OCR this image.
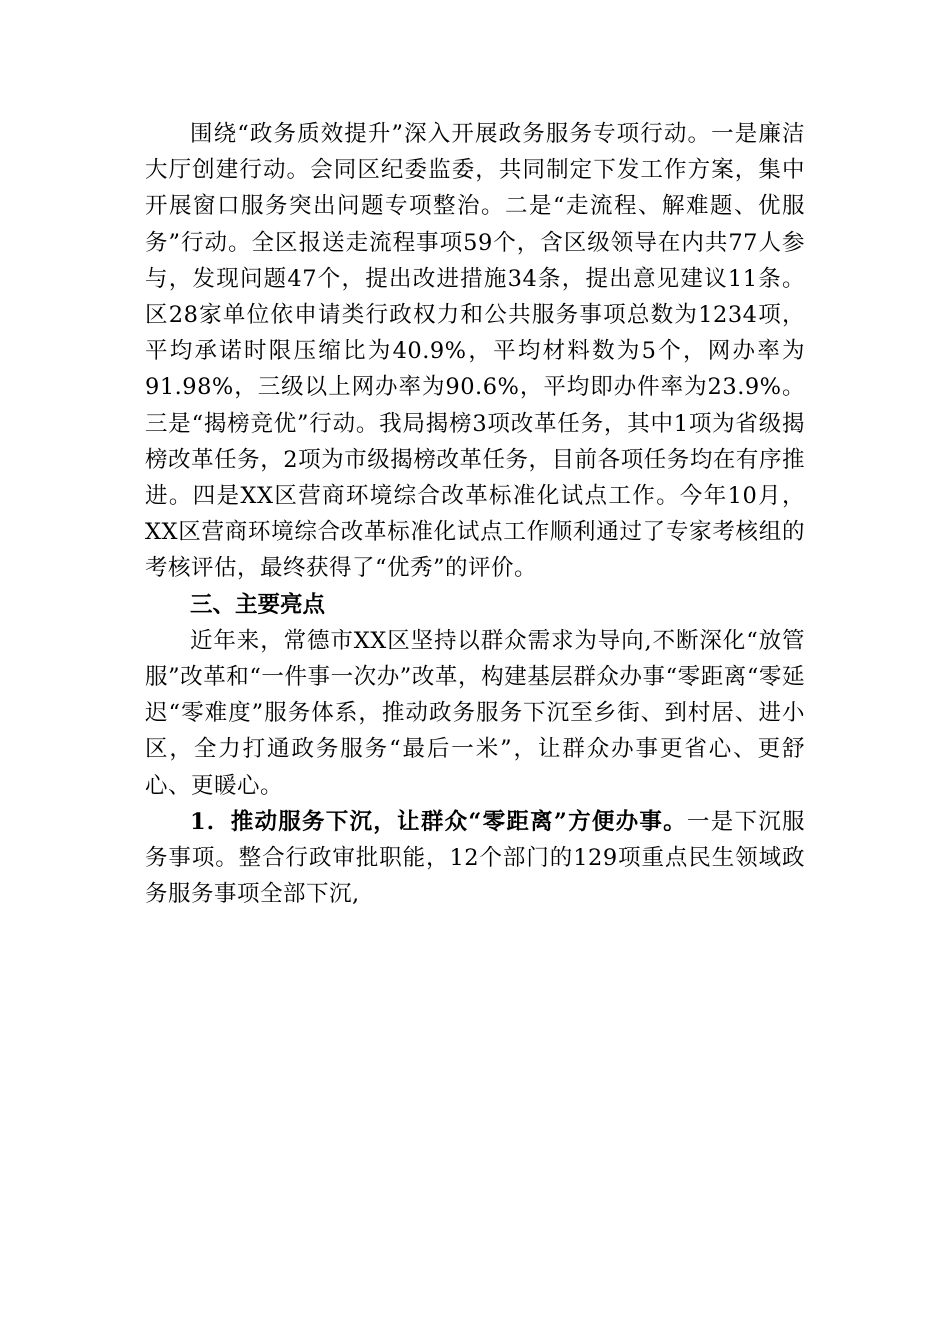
围绕“政务质效提升”深入开展政务服务专项行动。一是廉洁大厅创建行动。会同区纪委监委，共同制定下发工作方案，集中开展窗口服务突出问题专项整治。二是“走流程、解难题、优服务”行动。全区报送走流程事项59个，含区级领导在内共77人参与，发现问题47个，提出改进措施34条，提出意见建议11条。区28家单位依申请类行政权力和公共服务事项总数为1234项，平均承诺时限压缩比为40.9%，平均材料数为5个，网办率为91.98%，三级以上网办率为90.6%，平均即办件率为23.9%。三是“揭榜竞优”行动。我局揭榜3项改革任务，其中1项为省级揭榜改革任务，2项为市级揭榜改革任务，目前各项任务均在有序推进。四是XX区营商环境综合改革标准化试点工作。今年10月，XX区营商环境综合改革标准化试点工作顺利通过了专家考核组的考核评估，最终获得了“优秀”的评价。

三、主要亮点

近年来，常德市XX区坚持以群众需求为导向,不断深化“放管服”改革和“一件事一次办”改革，构建基层群众办事“零距离“零延迟“零难度”服务体系，推动政务服务下沉至乡街、到村居、进小区，全力打通政务服务“最后一米”，让群众办事更省心、更舒心、更暖心。

1．推动服务下沉，让群众“零距离”方便办事。一是下沉服务事项。整合行政审批职能，12个部门的129项重点民生领域政务服务事项全部下沉,
